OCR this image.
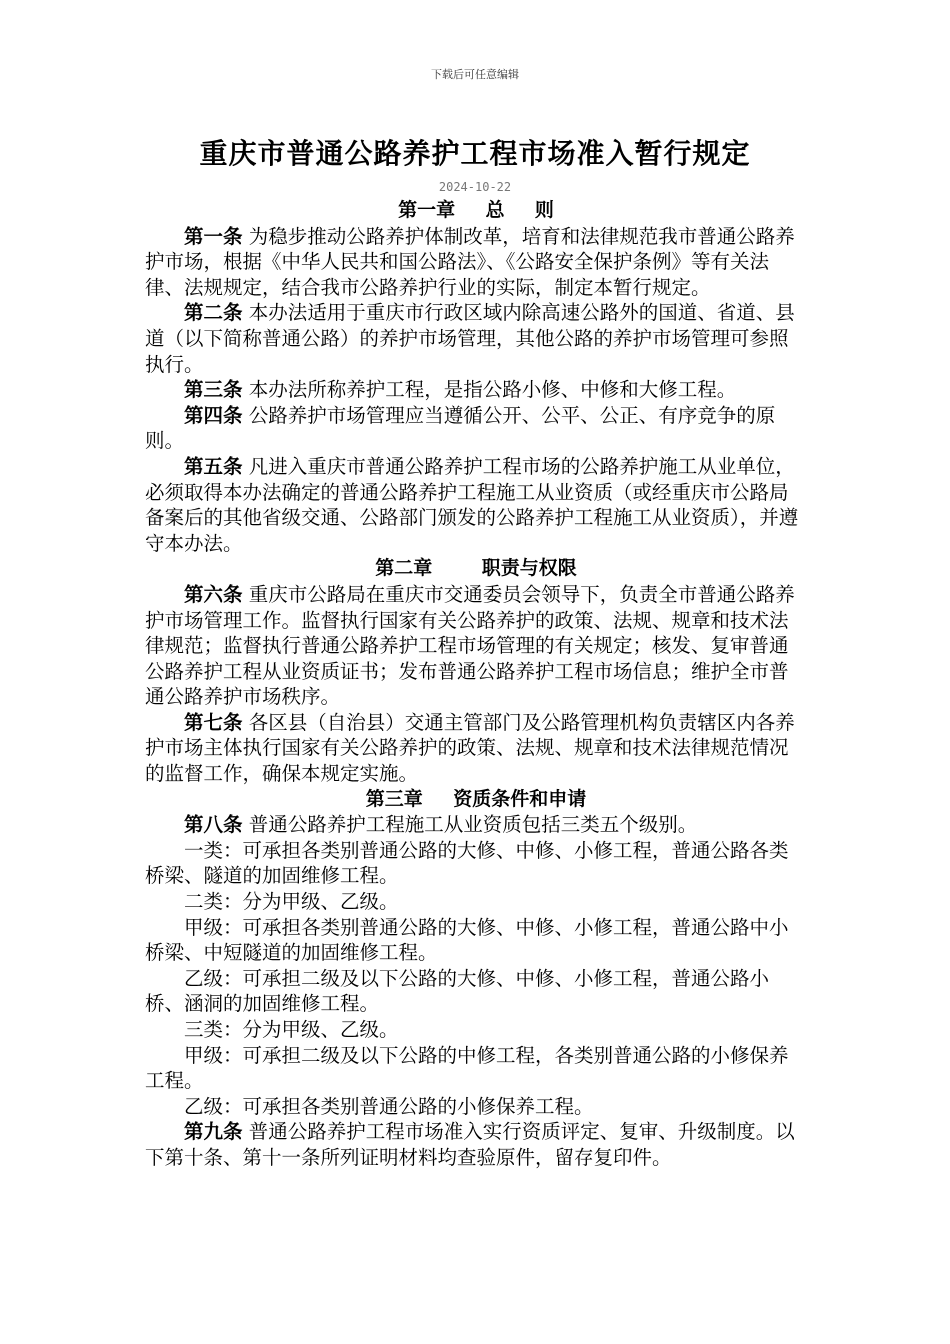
下载后可任意编辑
重庆市普通公路养护工程市场准入暂行规定
2024-10-22

第一章 总 则

第一条 为稳步推动公路养护体制改革，培育和法律规范我市普通公路养护市场，根据《中华人民共和国公路法》、《公路安全保护条例》等有关法律、法规规定，结合我市公路养护行业的实际，制定本暂行规定。

第二条 本办法适用于重庆市行政区域内除高速公路外的国道、省道、县道（以下简称普通公路）的养护市场管理，其他公路的养护市场管理可参照执行。

第三条 本办法所称养护工程，是指公路小修、中修和大修工程。

第四条 公路养护市场管理应当遵循公开、公平、公正、有序竞争的原则。

第五条 凡进入重庆市普通公路养护工程市场的公路养护施工从业单位，必须取得本办法确定的普通公路养护工程施工从业资质（或经重庆市公路局备案后的其他省级交通、公路部门颁发的公路养护工程施工从业资质），并遵守本办法。

第二章	职责与权限

第六条 重庆市公路局在重庆市交通委员会领导下，负责全市普通公路养护市场管理工作。监督执行国家有关公路养护的政策、法规、规章和技术法律规范；监督执行普通公路养护工程市场管理的有关规定；核发、复审普通公路养护工程从业资质证书；发布普通公路养护工程市场信息；维护全市普通公路养护市场秩序。

第七条 各区县（自治县）交通主管部门及公路管理机构负责辖区内各养护市场主体执行国家有关公路养护的政策、法规、规章和技术法律规范情况的监督工作，确保本规定实施。

第三章 资质条件和申请

第八条 普通公路养护工程施工从业资质包括三类五个级别。

一类：可承担各类别普通公路的大修、中修、小修工程，普通公路各类桥梁、隧道的加固维修工程。

二类：分为甲级、乙级。

甲级：可承担各类别普通公路的大修、中修、小修工程，普通公路中小桥梁、中短隧道的加固维修工程。

乙级：可承担二级及以下公路的大修、中修、小修工程，普通公路小桥、涵洞的加固维修工程。

三类：分为甲级、乙级。

甲级：可承担二级及以下公路的中修工程，各类别普通公路的小修保养工程。

乙级：可承担各类别普通公路的小修保养工程。

第九条 普通公路养护工程市场准入实行资质评定、复审、升级制度。以下第十条、第十一条所列证明材料均查验原件，留存复印件。
